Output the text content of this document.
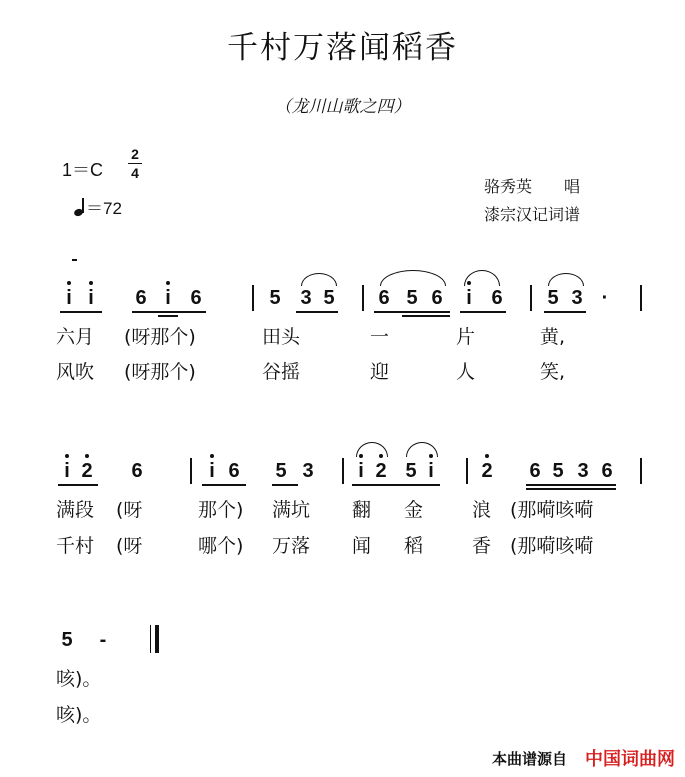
千村万落闻稻香
（龙川山歌之四）
1＝C
2
4
＝72
骆秀英　　唱
漆宗汉记词谱
i i 6 i 6	5 3 5 6 5 6 i 6 5 3 ·
六月 (呀那个)	田头	一	片	黄,
风吹 (呀那个)	谷摇	迎	人	笑,
i 2 6	i 6 5 3 i 2 5 i 2 6 5 3 6
满段 (呀	那个) 满坑 翻 金	浪 (那嗬咳嗬
千村 (呀	哪个) 万落 闻 稻	香 (那嗬咳嗬
5 -
咳)。
咳)。
本曲谱源自 中国词曲网
